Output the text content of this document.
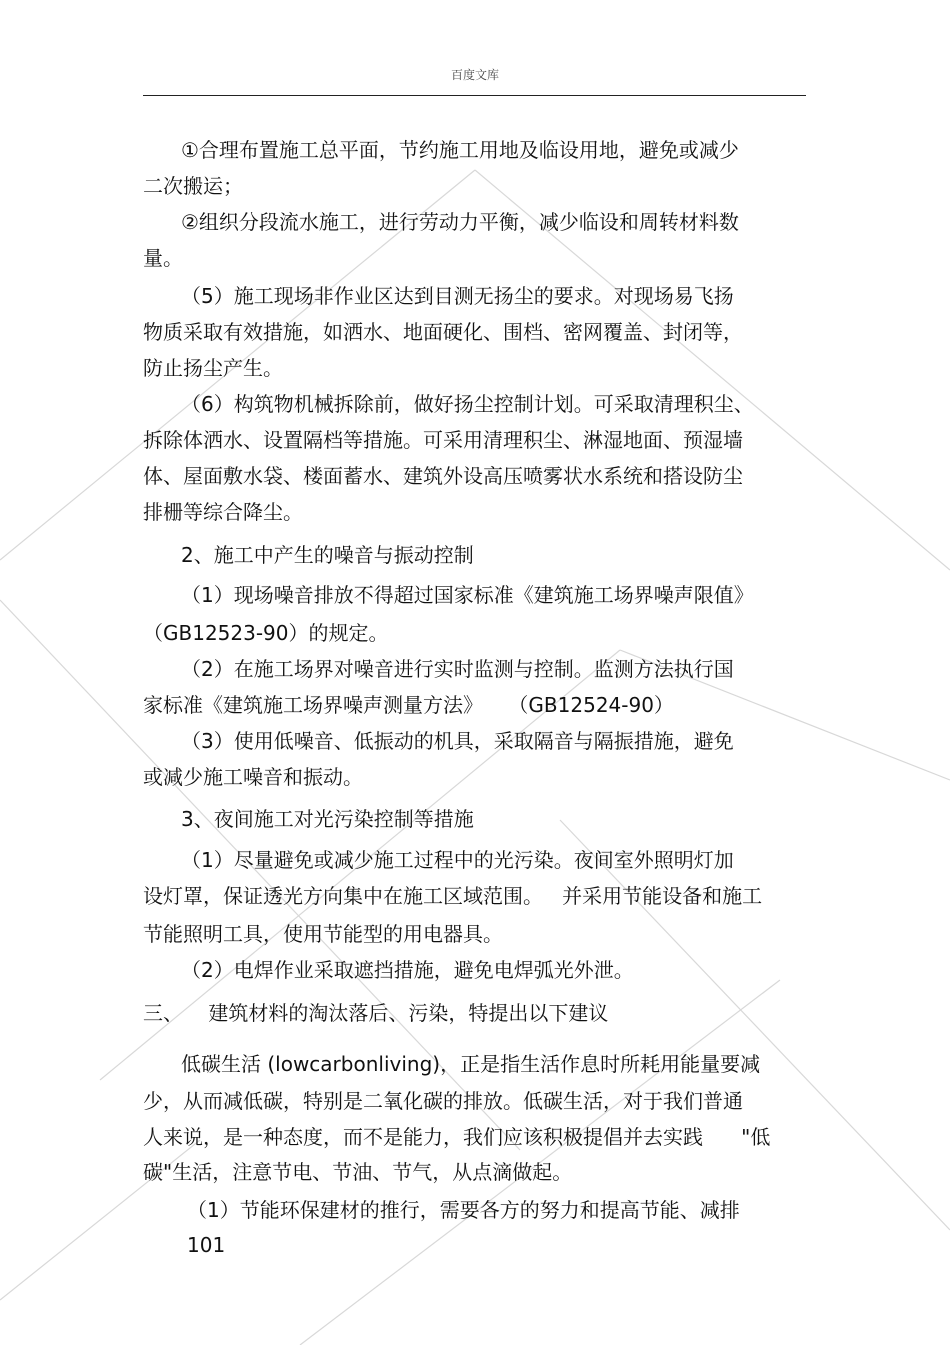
百度文库
①合理布置施工总平面，节约施工用地及临设用地，避免或减少
二次搬运；
②组织分段流水施工，进行劳动力平衡，减少临设和周转材料数
量。
（5）施工现场非作业区达到目测无扬尘的要求。对现场易飞扬
物质采取有效措施，如洒水、地面硬化、围档、密网覆盖、封闭等，
防止扬尘产生。
（6）构筑物机械拆除前，做好扬尘控制计划。可采取清理积尘、
拆除体洒水、设置隔档等措施。可采用清理积尘、淋湿地面、预湿墙
体、屋面敷水袋、楼面蓄水、建筑外设高压喷雾状水系统和搭设防尘
排栅等综合降尘。
2、施工中产生的噪音与振动控制
（1）现场噪音排放不得超过国家标准《建筑施工场界噪声限值》
（GB12523-90）的规定。
（2）在施工场界对噪音进行实时监测与控制。监测方法执行国
家标准《建筑施工场界噪声测量方法》    （GB12524-90）
（3）使用低噪音、低振动的机具，采取隔音与隔振措施，避免
或减少施工噪音和振动。
3、夜间施工对光污染控制等措施
（1）尽量避免或减少施工过程中的光污染。夜间室外照明灯加
设灯罩，保证透光方向集中在施工区域范围。   并采用节能设备和施工
节能照明工具，使用节能型的用电器具。
（2）电焊作业采取遮挡措施，避免电焊弧光外泄。
三、    建筑材料的淘汰落后、污染，特提出以下建议
低碳生活 (lowcarbonliving)，正是指生活作息时所耗用能量要减
少，从而减低碳，特别是二氧化碳的排放。低碳生活，对于我们普通
人来说，是一种态度，而不是能力，我们应该积极提倡并去实践      "低
碳"生活，注意节电、节油、节气，从点滴做起。
（1）节能环保建材的推行，需要各方的努力和提高节能、减排
101
